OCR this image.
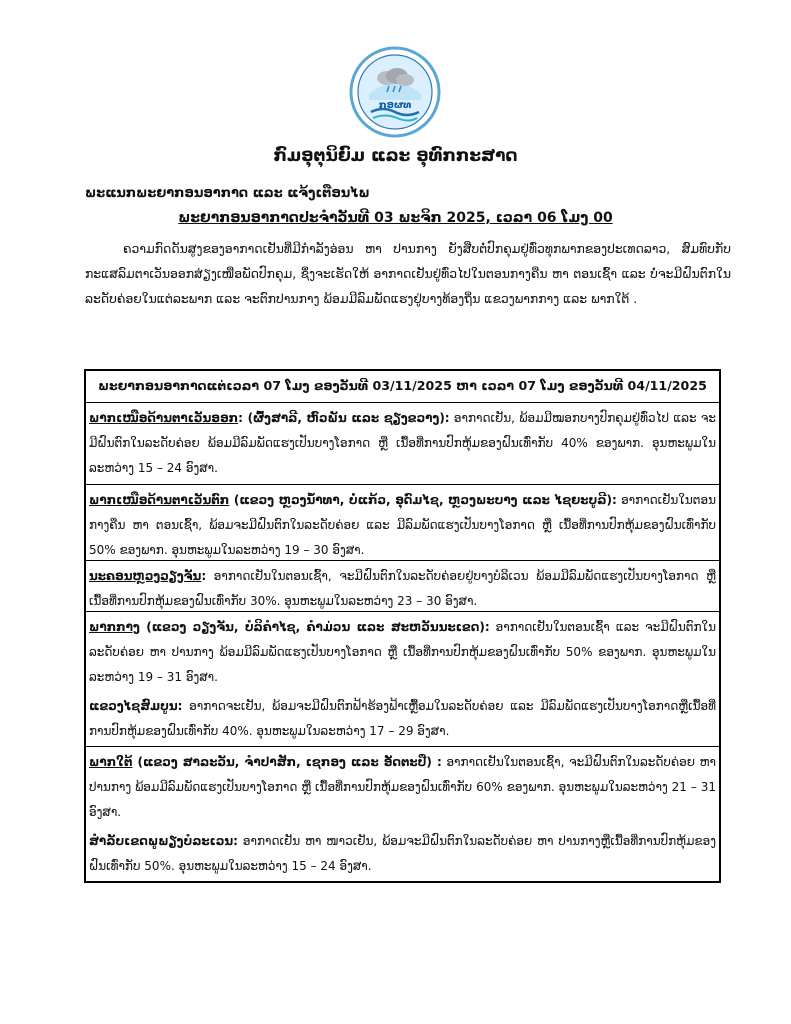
ກອຜທ
ກົມອຸຕຸນິຍົມ ແລະ ອຸທົກກະສາດ
ພະແນກພະຍາກອນອາກາດ ແລະ ແຈ້ງເຕືອນໄພ
ພະຍາກອນອາກາດປະຈຳວັນທີ 03 ພະຈິກ 2025, ເວລາ 06 ໂມງ 00
ຄວາມກົດດັນສູງຂອງອາກາດເຢັນທີ່ມີກຳລັງອ່ອນ ຫາ ປານກາງ ຍັງສືບຕໍ່ປົກຄຸມຢູ່ທົ່ວທຸກພາກຂອງປະເທດລາວ, ສົມທົບກັບກະແສລົມຕາເວັນອອກສ່ຽງເໜືອພັດປົກຄຸມ, ຊຶ່ງຈະເຮັດໃຫ້ ອາກາດເຢັນຢູ່ທົ່ວໄປໃນຕອນກາງຄືນ ຫາ ຕອນເຊົ້າ ແລະ ບໍ່ຈະມີຝົນຕົກໃນລະດັບຄ່ອຍໃນແຕ່ລະພາກ ແລະ ຈະຕົກປານກາງ ພ້ອມມີລົມພັດແຮງຢູ່ບາງທ້ອງຖິ່ນ ແຂວງພາກກາງ ແລະ ພາກໃຕ້ .
ພະຍາກອນອາກາດແຕ່ເວລາ 07 ໂມງ ຂອງວັນທີ 03/11/2025 ຫາ ເວລາ 07 ໂມງ ຂອງວັນທີ 04/11/2025
ພາກເໜືອດ້ານຕາເວັນອອກ: (ຜົ້ງສາລີ, ຫົວພັນ ແລະ ຊຽງຂວາງ): ອາກາດເຢັນ, ພ້ອມມີໝອກບາງປົກຄຸມຢູ່ທົ່ວໄປ ແລະ ຈະມີຝົນຕົກໃນລະດັບຄ່ອຍ ພ້ອມມີລົມພັດແຮງເປັນບາງໂອກາດ ຫຼື ເນື້ອທີ່ການປົກຫຸ້ມຂອງຝົນເທົ່າກັບ 40% ຂອງພາກ. ອຸນຫະພູມໃນລະຫວ່າງ 15 – 24 ອົງສາ.
ພາກເໜືອດ້ານຕາເວັນຕົກ (ແຂວງ ຫຼວງນ້ຳທາ, ບໍ່ແກ້ວ, ອຸດົມໄຊ, ຫຼວງພະບາງ ແລະ ໄຊຍະບູລີ): ອາກາດເຢັນໃນຕອນກາງຄືນ ຫາ ຕອນເຊົ້າ, ພ້ອມຈະມີຝົນຕົກໃນລະດັບຄ່ອຍ ແລະ ມີລົມພັດແຮງເປັນບາງໂອກາດ ຫຼື ເນື້ອທີ່ການປົກຫຸ້ມຂອງຝົນເທົ່າກັບ 50% ຂອງພາກ. ອຸນຫະພູມໃນລະຫວ່າງ 19 – 30 ອົງສາ.
ນະຄອນຫຼວງວຽງຈັນ: ອາກາດເຢັນໃນຕອນເຊົ້າ, ຈະມີຝົນຕົກໃນລະດັບຄ່ອຍຢູ່ບາງບໍລິເວນ ພ້ອມມີລົມພັດແຮງເປັນບາງໂອກາດ ຫຼື ເນື້ອທີ່ການປົກຫຸ້ມຂອງຝົນເທົ່າກັບ 30%. ອຸນຫະພູມໃນລະຫວ່າງ 23 – 30 ອົງສາ.
ພາກກາງ (ແຂວງ ວຽງຈັນ, ບໍລິຄຳໄຊ, ຄຳມ່ວນ ແລະ ສະຫວັນນະເຂດ): ອາກາດເຢັນໃນຕອນເຊົ້າ ແລະ ຈະມີຝົນຕົກໃນລະດັບຄ່ອຍ ຫາ ປານກາງ ພ້ອມມີລົມພັດແຮງເປັນບາງໂອກາດ ຫຼື ເນື້ອທີ່ການປົກຫຸ້ມຂອງຝົນເທົ່າກັບ 50% ຂອງພາກ. ອຸນຫະພູມໃນລະຫວ່າງ 19 – 31 ອົງສາ.
ແຂວງໄຊສົມບູນ: ອາກາດຈະເຢັນ, ພ້ອມຈະມີຝົນຕົກຟ້າຮ້ອງຟ້າເຫຼື້ອມໃນລະດັບຄ່ອຍ ແລະ ມີລົມພັດແຮງເປັນບາງໂອກາດຫຼືເນື້ອທີ່ການປົກຫຸ້ມຂອງຝົນເທົ່າກັບ 40%. ອຸນຫະພູມໃນລະຫວ່າງ 17 – 29 ອົງສາ.
ພາກໃຕ້ (ແຂວງ ສາລະວັນ, ຈຳປາສັກ, ເຊກອງ ແລະ ອັດຕະປື) : ອາກາດເຢັນໃນຕອນເຊົ້າ, ຈະມີຝົນຕົກໃນລະດັບຄ່ອຍ ຫາ ປານກາງ ພ້ອມມີລົມພັດແຮງເປັນບາງໂອກາດ ຫຼື ເນື້ອທີ່ການປົກຫຸ້ມຂອງຝົນເທົ່າກັບ 60% ຂອງພາກ. ອຸນຫະພູມໃນລະຫວ່າງ 21 – 31 ອົງສາ.
ສຳລັບເຂດພູພຽງບໍລະເວນ: ອາກາດເຢັນ ຫາ ໜາວເຢັນ, ພ້ອມຈະມີຝົນຕົກໃນລະດັບຄ່ອຍ ຫາ ປານກາງຫຼືເນື້ອທີ່ການປົກຫຸ້ມຂອງຝົນເທົ່າກັບ 50%. ອຸນຫະພູມໃນລະຫວ່າງ 15 – 24 ອົງສາ.
